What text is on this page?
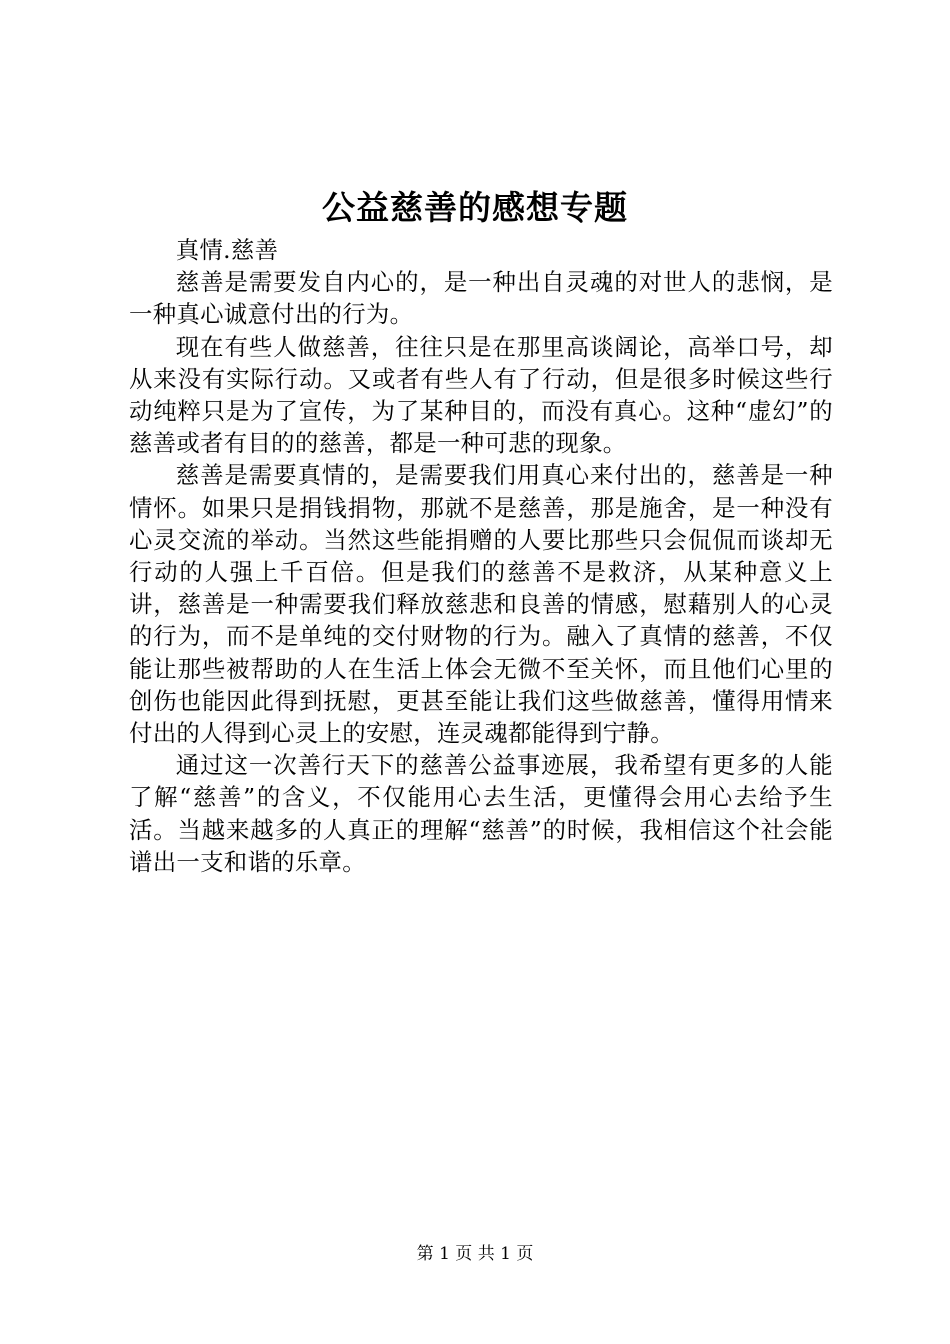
公益慈善的感想专题

真情.慈善

慈善是需要发自内心的，是一种出自灵魂的对世人的悲悯，是一种真心诚意付出的行为。

现在有些人做慈善，往往只是在那里高谈阔论，高举口号，却从来没有实际行动。又或者有些人有了行动，但是很多时候这些行动纯粹只是为了宣传，为了某种目的，而没有真心。这种“虚幻”的慈善或者有目的的慈善，都是一种可悲的现象。

慈善是需要真情的，是需要我们用真心来付出的，慈善是一种情怀。如果只是捐钱捐物，那就不是慈善，那是施舍，是一种没有心灵交流的举动。当然这些能捐赠的人要比那些只会侃侃而谈却无行动的人强上千百倍。但是我们的慈善不是救济，从某种意义上讲，慈善是一种需要我们释放慈悲和良善的情感，慰藉别人的心灵的行为，而不是单纯的交付财物的行为。融入了真情的慈善，不仅能让那些被帮助的人在生活上体会无微不至关怀，而且他们心里的创伤也能因此得到抚慰，更甚至能让我们这些做慈善，懂得用情来付出的人得到心灵上的安慰，连灵魂都能得到宁静。

通过这一次善行天下的慈善公益事迹展，我希望有更多的人能了解“慈善”的含义，不仅能用心去生活，更懂得会用心去给予生活。当越来越多的人真正的理解“慈善”的时候，我相信这个社会能谱出一支和谐的乐章。

第 1 页 共 1 页
